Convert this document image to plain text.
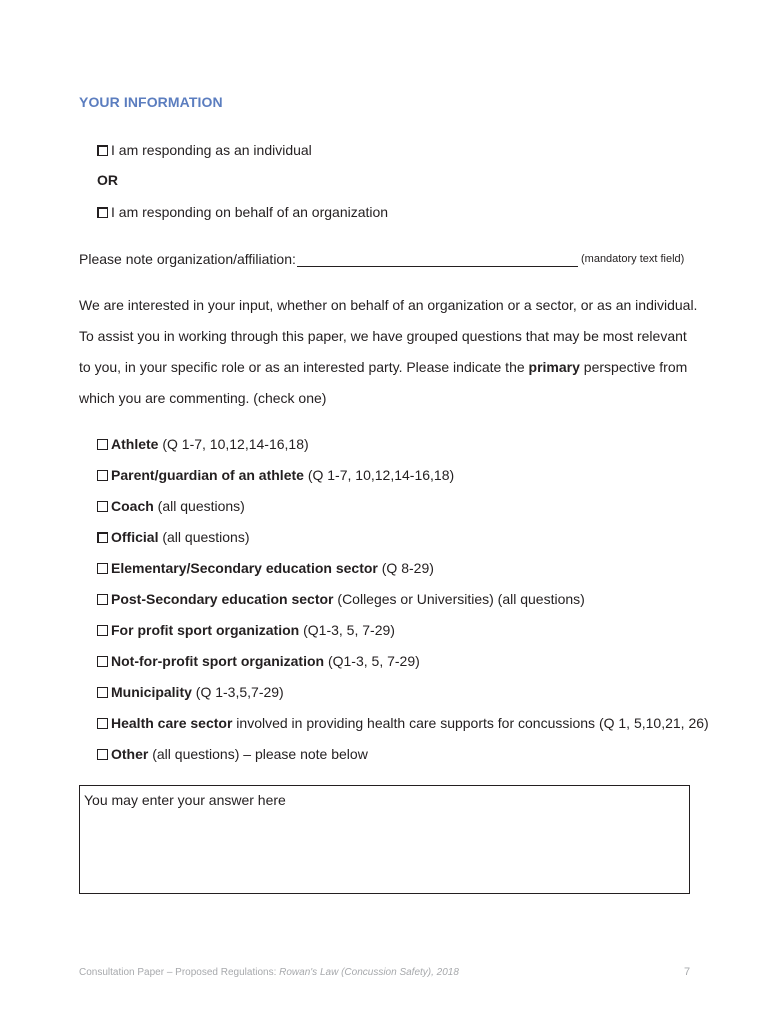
YOUR INFORMATION
I am responding as an individual
OR
I am responding on behalf of an organization
Please note organization/affiliation:	(mandatory text field)
We are interested in your input, whether on behalf of an organization or a sector, or as an individual.
To assist you in working through this paper, we have grouped questions that may be most relevant
to you, in your specific role or as an interested party. Please indicate the primary perspective from
which you are commenting. (check one)
Athlete (Q 1-7, 10,12,14-16,18)
Parent/guardian of an athlete (Q 1-7, 10,12,14-16,18)
Coach (all questions)
Official (all questions)
Elementary/Secondary education sector (Q 8-29)
Post-Secondary education sector (Colleges or Universities) (all questions)
For profit sport organization (Q1-3, 5, 7-29)
Not-for-profit sport organization (Q1-3, 5, 7-29)
Municipality (Q 1-3,5,7-29)
Health care sector involved in providing health care supports for concussions (Q 1, 5,10,21, 26)
Other (all questions) – please note below
You may enter your answer here
Consultation Paper – Proposed Regulations: Rowan's Law (Concussion Safety), 2018	7
